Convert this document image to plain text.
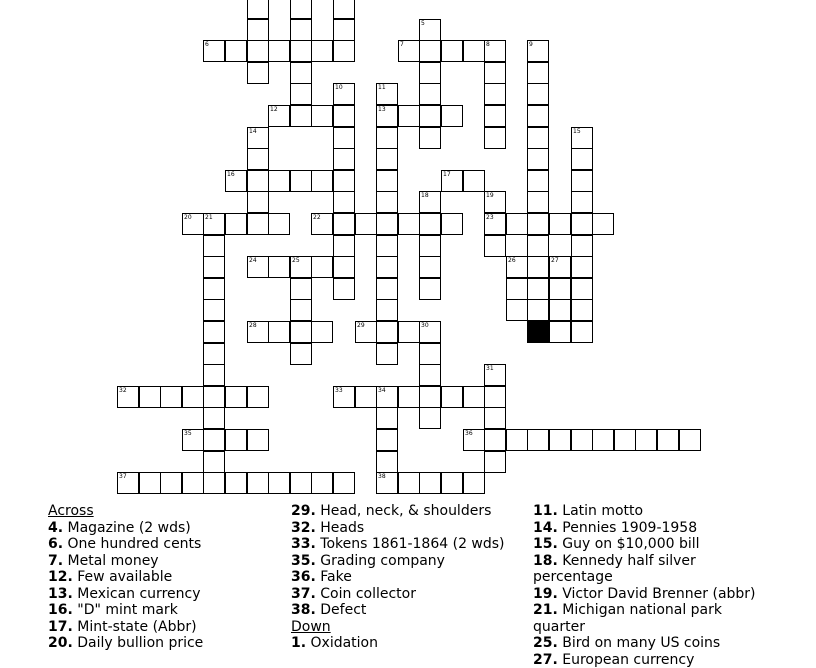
6	7	8
12	13
16	17
20 21	22	23
24	25	26	27
28	29	30
32	33	34
35	36
37	38
5
9
10	11
14	15
18	19
31
Across
4. Magazine (2 wds)
6. One hundred cents
7. Metal money
12. Few available
13. Mexican currency
16. "D" mint mark
17. Mint-state (Abbr)
20. Daily bullion price
29. Head, neck, & shoulders
32. Heads
33. Tokens 1861-1864 (2 wds)
35. Grading company
36. Fake
37. Coin collector
38. Defect
Down
1. Oxidation
11. Latin motto
14. Pennies 1909-1958
15. Guy on $10,000 bill
18. Kennedy half silver percentage
19. Victor David Brenner (abbr)
21. Michigan national park quarter
25. Bird on many US coins
27. European currency
